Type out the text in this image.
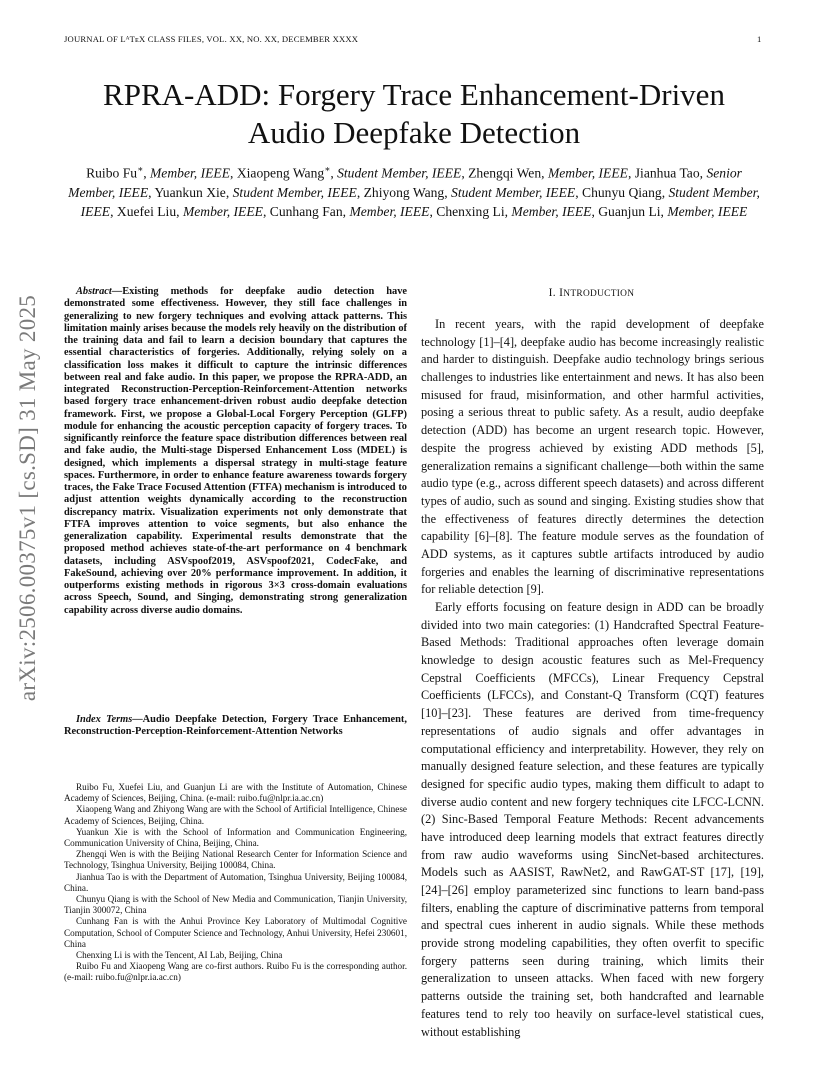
JOURNAL OF LᴬTᴇX CLASS FILES, VOL. XX, NO. XX, DECEMBER XXXX	1
RPRA-ADD: Forgery Trace Enhancement-Driven
Audio Deepfake Detection
Ruibo Fu∗, Member, IEEE, Xiaopeng Wang∗, Student Member, IEEE, Zhengqi Wen, Member, IEEE, Jianhua Tao, Senior Member, IEEE, Yuankun Xie, Student Member, IEEE, Zhiyong Wang, Student Member, IEEE, Chunyu Qiang, Student Member, IEEE, Xuefei Liu, Member, IEEE, Cunhang Fan, Member, IEEE, Chenxing Li, Member, IEEE, Guanjun Li, Member, IEEE
arXiv:2506.00375v1 [cs.SD] 31 May 2025
Abstract—Existing methods for deepfake audio detection have demonstrated some effectiveness. However, they still face challenges in generalizing to new forgery techniques and evolving attack patterns. This limitation mainly arises because the models rely heavily on the distribution of the training data and fail to learn a decision boundary that captures the essential characteristics of forgeries. Additionally, relying solely on a classification loss makes it difficult to capture the intrinsic differences between real and fake audio. In this paper, we propose the RPRA-ADD, an integrated Reconstruction-Perception-Reinforcement-Attention networks based forgery trace enhancement-driven robust audio deepfake detection framework. First, we propose a Global-Local Forgery Perception (GLFP) module for enhancing the acoustic perception capacity of forgery traces. To significantly reinforce the feature space distribution differences between real and fake audio, the Multi-stage Dispersed Enhancement Loss (MDEL) is designed, which implements a dispersal strategy in multi-stage feature spaces. Furthermore, in order to enhance feature awareness towards forgery traces, the Fake Trace Focused Attention (FTFA) mechanism is introduced to adjust attention weights dynamically according to the reconstruction discrepancy matrix. Visualization experiments not only demonstrate that FTFA improves attention to voice segments, but also enhance the generalization capability. Experimental results demonstrate that the proposed method achieves state-of-the-art performance on 4 benchmark datasets, including ASVspoof2019, ASVspoof2021, CodecFake, and FakeSound, achieving over 20% performance improvement. In addition, it outperforms existing methods in rigorous 3×3 cross-domain evaluations across Speech, Sound, and Singing, demonstrating strong generalization capability across diverse audio domains.
Index Terms—Audio Deepfake Detection, Forgery Trace Enhancement, Reconstruction-Perception-Reinforcement-Attention Networks

Ruibo Fu, Xuefei Liu, and Guanjun Li are with the Institute of Automation, Chinese Academy of Sciences, Beijing, China. (e-mail: ruibo.fu@nlpr.ia.ac.cn)

Xiaopeng Wang and Zhiyong Wang are with the School of Artificial Intelligence, Chinese Academy of Sciences, Beijing, China.

Yuankun Xie is with the School of Information and Communication Engineering, Communication University of China, Beijing, China.

Zhengqi Wen is with the Beijing National Research Center for Information Science and Technology, Tsinghua University, Beijing 100084, China.

Jianhua Tao is with the Department of Automation, Tsinghua University, Beijing 100084, China.

Chunyu Qiang is with the School of New Media and Communication, Tianjin University, Tianjin 300072, China

Cunhang Fan is with the Anhui Province Key Laboratory of Multimodal Cognitive Computation, School of Computer Science and Technology, Anhui University, Hefei 230601, China

Chenxing Li is with the Tencent, AI Lab, Beijing, China

Ruibo Fu and Xiaopeng Wang are co-first authors. Ruibo Fu is the corresponding author. (e-mail: ruibo.fu@nlpr.ia.ac.cn)

I. INTRODUCTION

In recent years, with the rapid development of deepfake technology [1]–[4], deepfake audio has become increasingly realistic and harder to distinguish. Deepfake audio technology brings serious challenges to industries like entertainment and news. It has also been misused for fraud, misinformation, and other harmful activities, posing a serious threat to public safety. As a result, audio deepfake detection (ADD) has become an urgent research topic. However, despite the progress achieved by existing ADD methods [5], generalization remains a significant challenge—both within the same audio type (e.g., across different speech datasets) and across different types of audio, such as sound and singing. Existing studies show that the effectiveness of features directly determines the detection capability [6]–[8]. The feature module serves as the foundation of ADD systems, as it captures subtle artifacts introduced by audio forgeries and enables the learning of discriminative representations for reliable detection [9].

Early efforts focusing on feature design in ADD can be broadly divided into two main categories: (1) Handcrafted Spectral Feature-Based Methods: Traditional approaches often leverage domain knowledge to design acoustic features such as Mel-Frequency Cepstral Coefficients (MFCCs), Linear Frequency Cepstral Coefficients (LFCCs), and Constant-Q Transform (CQT) features [10]–[23]. These features are derived from time-frequency representations of audio signals and offer advantages in computational efficiency and interpretability. However, they rely on manually designed feature selection, and these features are typically designed for specific audio types, making them difficult to adapt to diverse audio content and new forgery techniques cite LFCC-LCNN. (2) Sinc-Based Temporal Feature Methods: Recent advancements have introduced deep learning models that extract features directly from raw audio waveforms using SincNet-based architectures. Models such as AASIST, RawNet2, and RawGAT-ST [17], [19], [24]–[26] employ parameterized sinc functions to learn band-pass filters, enabling the capture of discriminative patterns from temporal and spectral cues inherent in audio signals. While these methods provide strong modeling capabilities, they often overfit to specific forgery patterns seen during training, which limits their generalization to unseen attacks. When faced with new forgery patterns outside the training set, both handcrafted and learnable features tend to rely too heavily on surface-level statistical cues, without establishing
